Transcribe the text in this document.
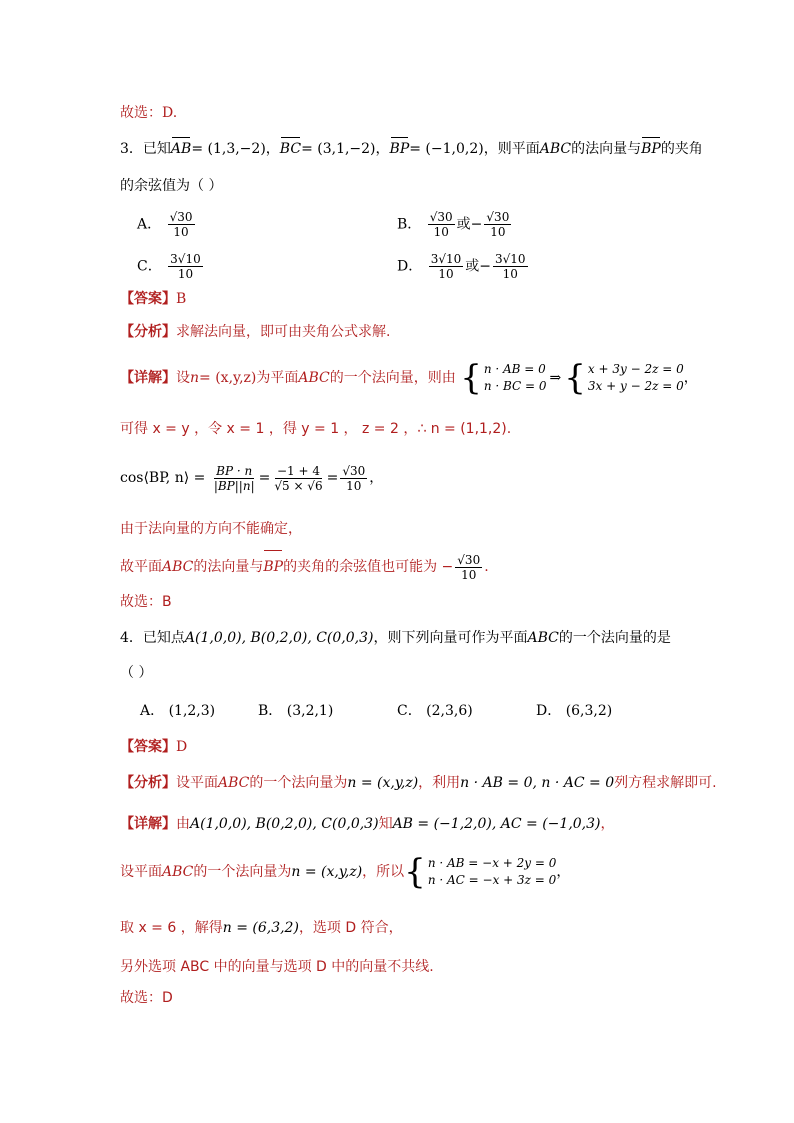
故选：D.
3．已知AB= (1,3,−2)，BC= (3,1,−2)，BP= (−1,0,2)，则平面ABC的法向量与BP的夹角
的余弦值为（ ）
A． $\frac{√30}{10}$	B． $\frac{√30}{10}$ 或− $\frac{√30}{10}$
C． $\frac{3√10}{10}$	D． $\frac{3√10}{10}$ 或− $\frac{3√10}{10}$
【答案】B
【分析】求解法向量，即可由夹角公式求解.
【详解】设n= (x,y,z)为平面ABC的一个法向量，则由 { n · AB = 0
n · BC = 0 ⇒ { x + 3y − 2z = 0
3x + y − 2z = 0 ，
可得 x = y ，令 x = 1 ，得 y = 1 ， z = 2 ，∴ n = (1,1,2).
cos⟨BP, n⟩ = $\frac{BP \cdot n}{|BP||n|} = \frac{-1 + 4}{√5 \times √6} = \frac{√30}{10}$ ，
由于法向量的方向不能确定，
故平面ABC的法向量与BP的夹角的余弦值也可能为 − $\frac{√30}{10}$ .
故选：B
4．已知点A(1,0,0), B(0,2,0), C(0,0,3)，则下列向量可作为平面ABC的一个法向量的是
（ ）
A． (1,2,3)	B． (3,2,1)	C． (2,3,6)	D． (6,3,2)
【答案】D
【分析】设平面ABC的一个法向量为n = (x,y,z)，利用n · AB = 0, n · AC = 0列方程求解即可.
【详解】由A(1,0,0), B(0,2,0), C(0,0,3)知AB = (−1,2,0), AC = (−1,0,3)，
设平面ABC的一个法向量为n = (x,y,z)，所以 { n · AB = −x + 2y = 0
n · AC = −x + 3z = 0 ，
取 x = 6 ，解得n = (6,3,2)，选项 D 符合，
另外选项 ABC 中的向量与选项 D 中的向量不共线.
故选：D
